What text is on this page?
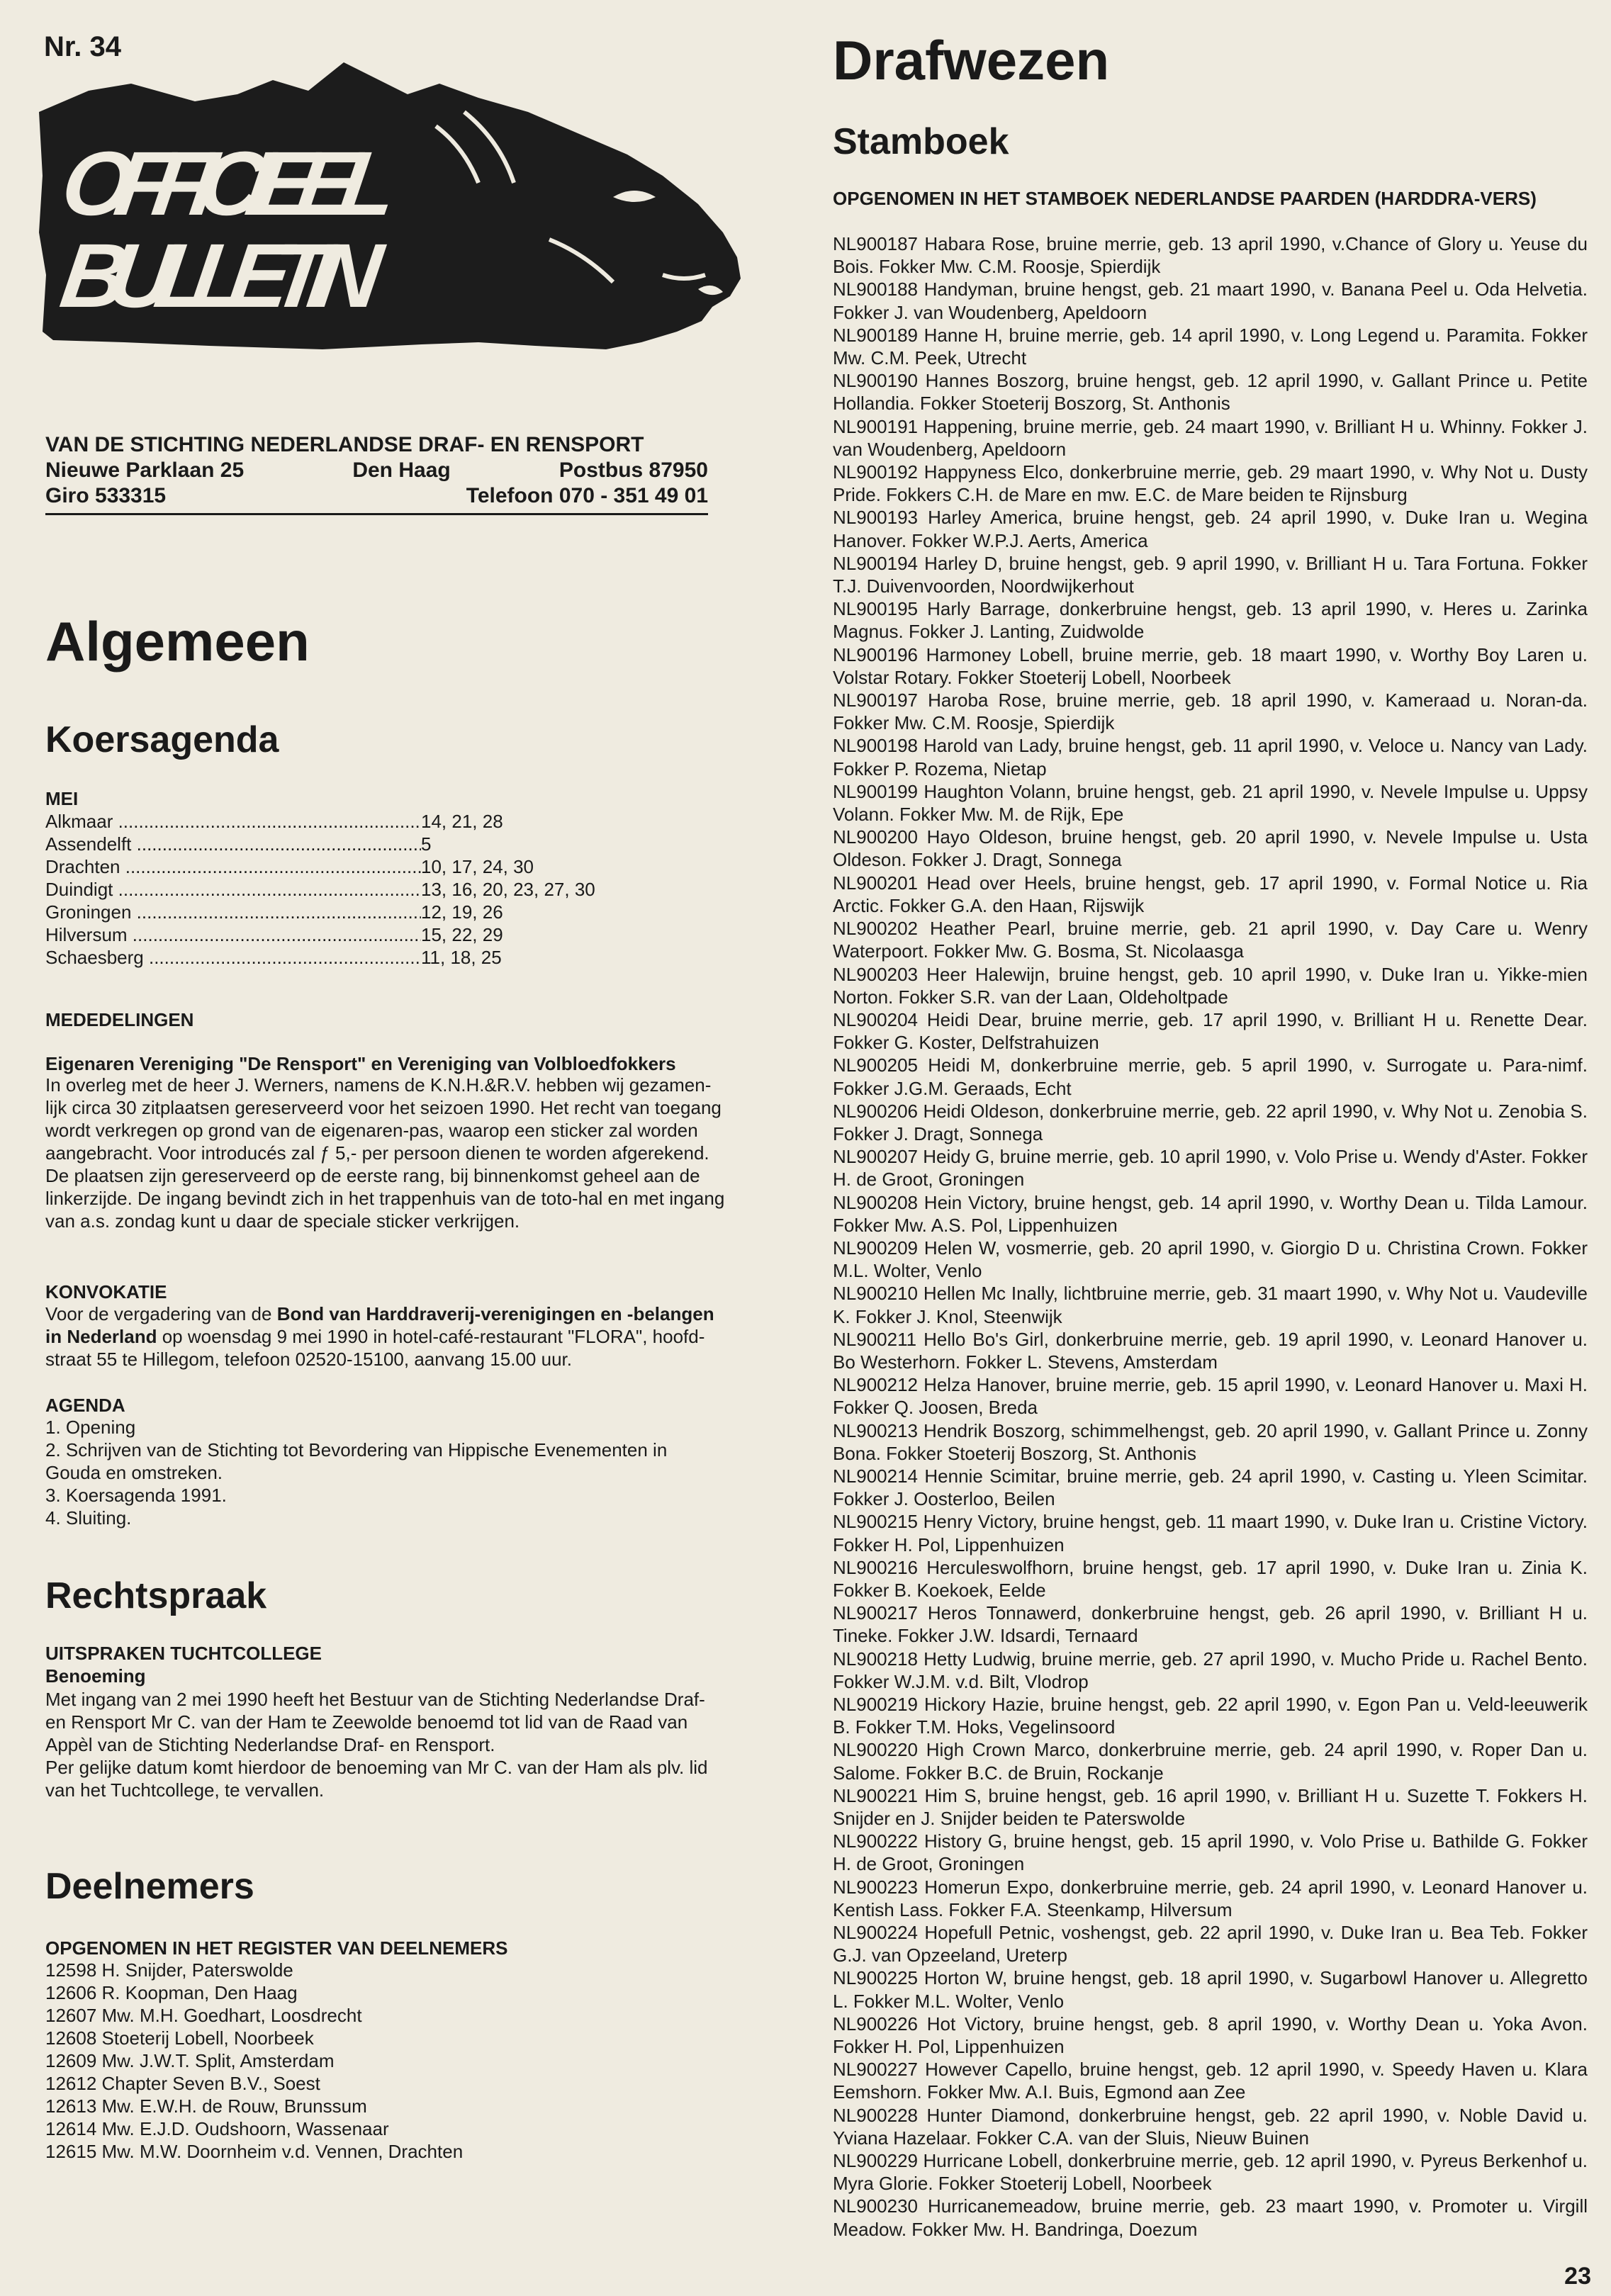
Nr. 34
OFFICIEEL
BULLETIN
VAN DE STICHTING NEDERLANDSE DRAF- EN RENSPORT
Nieuwe Parklaan 25	Den Haag	Postbus 87950
Giro 533315	Telefoon 070 - 351 49 01
Algemeen
Koersagenda
MEI
Alkmaar .....	14, 21, 28
Assendelft .....	5
Drachten .....	10, 17, 24, 30
Duindigt .....	13, 16, 20, 23, 27, 30
Groningen .....	12, 19, 26
Hilversum .....	15, 22, 29
Schaesberg .....	11, 18, 25
MEDEDELINGEN
Eigenaren Vereniging "De Rensport" en Vereniging van Volbloedfokkers

In overleg met de heer J. Werners, namens de K.N.H.&R.V. hebben wij gezamen-

lijk circa 30 zitplaatsen gereserveerd voor het seizoen 1990. Het recht van toegang

wordt verkregen op grond van de eigenaren-pas, waarop een sticker zal worden

aangebracht. Voor introducés zal ƒ 5,- per persoon dienen te worden afgerekend.

De plaatsen zijn gereserveerd op de eerste rang, bij binnenkomst geheel aan de

linkerzijde. De ingang bevindt zich in het trappenhuis van de toto-hal en met ingang

van a.s. zondag kunt u daar de speciale sticker verkrijgen.

KONVOKATIE

Voor de vergadering van de Bond van Harddraverij-verenigingen en -belangen

in Nederland op woensdag 9 mei 1990 in hotel-café-restaurant "FLORA", hoofd-

straat 55 te Hillegom, telefoon 02520-15100, aanvang 15.00 uur.

AGENDA

1. Opening

2. Schrijven van de Stichting tot Bevordering van Hippische Evenementen in

Gouda en omstreken.

3. Koersagenda 1991.

4. Sluiting.

Rechtspraak
UITSPRAKEN TUCHTCOLLEGE
Benoeming

Met ingang van 2 mei 1990 heeft het Bestuur van de Stichting Nederlandse Draf-

en Rensport Mr C. van der Ham te Zeewolde benoemd tot lid van de Raad van

Appèl van de Stichting Nederlandse Draf- en Rensport.

Per gelijke datum komt hierdoor de benoeming van Mr C. van der Ham als plv. lid

van het Tuchtcollege, te vervallen.

Deelnemers
OPGENOMEN IN HET REGISTER VAN DEELNEMERS

12598 H. Snijder, Paterswolde

12606 R. Koopman, Den Haag

12607 Mw. M.H. Goedhart, Loosdrecht

12608 Stoeterij Lobell, Noorbeek

12609 Mw. J.W.T. Split, Amsterdam

12612 Chapter Seven B.V., Soest

12613 Mw. E.W.H. de Rouw, Brunssum

12614 Mw. E.J.D. Oudshoorn, Wassenaar

12615 Mw. M.W. Doornheim v.d. Vennen, Drachten

Drafwezen
Stamboek
OPGENOMEN IN HET STAMBOEK NEDERLANDSE PAARDEN (HARDDRA-VERS)
NL900187 Habara Rose, bruine merrie, geb. 13 april 1990, v.Chance of Glory u. Yeuse du Bois. Fokker Mw. C.M. Roosje, Spierdijk
NL900188 Handyman, bruine hengst, geb. 21 maart 1990, v. Banana Peel u. Oda Helvetia. Fokker J. van Woudenberg, Apeldoorn
NL900189 Hanne H, bruine merrie, geb. 14 april 1990, v. Long Legend u. Paramita. Fokker Mw. C.M. Peek, Utrecht
NL900190 Hannes Boszorg, bruine hengst, geb. 12 april 1990, v. Gallant Prince u. Petite Hollandia. Fokker Stoeterij Boszorg, St. Anthonis
NL900191 Happening, bruine merrie, geb. 24 maart 1990, v. Brilliant H u. Whinny. Fokker J. van Woudenberg, Apeldoorn
NL900192 Happyness Elco, donkerbruine merrie, geb. 29 maart 1990, v. Why Not u. Dusty Pride. Fokkers C.H. de Mare en mw. E.C. de Mare beiden te Rijnsburg
NL900193 Harley America, bruine hengst, geb. 24 april 1990, v. Duke Iran u. Wegina Hanover. Fokker W.P.J. Aerts, America
NL900194 Harley D, bruine hengst, geb. 9 april 1990, v. Brilliant H u. Tara Fortuna. Fokker T.J. Duivenvoorden, Noordwijkerhout
NL900195 Harly Barrage, donkerbruine hengst, geb. 13 april 1990, v. Heres u. Zarinka Magnus. Fokker J. Lanting, Zuidwolde
NL900196 Harmoney Lobell, bruine merrie, geb. 18 maart 1990, v. Worthy Boy Laren u. Volstar Rotary. Fokker Stoeterij Lobell, Noorbeek
NL900197 Haroba Rose, bruine merrie, geb. 18 april 1990, v. Kameraad u. Noran-da. Fokker Mw. C.M. Roosje, Spierdijk
NL900198 Harold van Lady, bruine hengst, geb. 11 april 1990, v. Veloce u. Nancy van Lady. Fokker P. Rozema, Nietap
NL900199 Haughton Volann, bruine hengst, geb. 21 april 1990, v. Nevele Impulse u. Uppsy Volann. Fokker Mw. M. de Rijk, Epe
NL900200 Hayo Oldeson, bruine hengst, geb. 20 april 1990, v. Nevele Impulse u. Usta Oldeson. Fokker J. Dragt, Sonnega
NL900201 Head over Heels, bruine hengst, geb. 17 april 1990, v. Formal Notice u. Ria Arctic. Fokker G.A. den Haan, Rijswijk
NL900202 Heather Pearl, bruine merrie, geb. 21 april 1990, v. Day Care u. Wenry Waterpoort. Fokker Mw. G. Bosma, St. Nicolaasga
NL900203 Heer Halewijn, bruine hengst, geb. 10 april 1990, v. Duke Iran u. Yikke-mien Norton. Fokker S.R. van der Laan, Oldeholtpade
NL900204 Heidi Dear, bruine merrie, geb. 17 april 1990, v. Brilliant H u. Renette Dear. Fokker G. Koster, Delfstrahuizen
NL900205 Heidi M, donkerbruine merrie, geb. 5 april 1990, v. Surrogate u. Para-nimf. Fokker J.G.M. Geraads, Echt
NL900206 Heidi Oldeson, donkerbruine merrie, geb. 22 april 1990, v. Why Not u. Zenobia S. Fokker J. Dragt, Sonnega
NL900207 Heidy G, bruine merrie, geb. 10 april 1990, v. Volo Prise u. Wendy d'Aster. Fokker H. de Groot, Groningen
NL900208 Hein Victory, bruine hengst, geb. 14 april 1990, v. Worthy Dean u. Tilda Lamour. Fokker Mw. A.S. Pol, Lippenhuizen
NL900209 Helen W, vosmerrie, geb. 20 april 1990, v. Giorgio D u. Christina Crown. Fokker M.L. Wolter, Venlo
NL900210 Hellen Mc Inally, lichtbruine merrie, geb. 31 maart 1990, v. Why Not u. Vaudeville K. Fokker J. Knol, Steenwijk
NL900211 Hello Bo's Girl, donkerbruine merrie, geb. 19 april 1990, v. Leonard Hanover u. Bo Westerhorn. Fokker L. Stevens, Amsterdam
NL900212 Helza Hanover, bruine merrie, geb. 15 april 1990, v. Leonard Hanover u. Maxi H. Fokker Q. Joosen, Breda
NL900213 Hendrik Boszorg, schimmelhengst, geb. 20 april 1990, v. Gallant Prince u. Zonny Bona. Fokker Stoeterij Boszorg, St. Anthonis
NL900214 Hennie Scimitar, bruine merrie, geb. 24 april 1990, v. Casting u. Yleen Scimitar. Fokker J. Oosterloo, Beilen
NL900215 Henry Victory, bruine hengst, geb. 11 maart 1990, v. Duke Iran u. Cristine Victory. Fokker H. Pol, Lippenhuizen
NL900216 Herculeswolfhorn, bruine hengst, geb. 17 april 1990, v. Duke Iran u. Zinia K. Fokker B. Koekoek, Eelde
NL900217 Heros Tonnawerd, donkerbruine hengst, geb. 26 april 1990, v. Brilliant H u. Tineke. Fokker J.W. Idsardi, Ternaard
NL900218 Hetty Ludwig, bruine merrie, geb. 27 april 1990, v. Mucho Pride u. Rachel Bento. Fokker W.J.M. v.d. Bilt, Vlodrop
NL900219 Hickory Hazie, bruine hengst, geb. 22 april 1990, v. Egon Pan u. Veld-leeuwerik B. Fokker T.M. Hoks, Vegelinsoord
NL900220 High Crown Marco, donkerbruine merrie, geb. 24 april 1990, v. Roper Dan u. Salome. Fokker B.C. de Bruin, Rockanje
NL900221 Him S, bruine hengst, geb. 16 april 1990, v. Brilliant H u. Suzette T. Fokkers H. Snijder en J. Snijder beiden te Paterswolde
NL900222 History G, bruine hengst, geb. 15 april 1990, v. Volo Prise u. Bathilde G. Fokker H. de Groot, Groningen
NL900223 Homerun Expo, donkerbruine merrie, geb. 24 april 1990, v. Leonard Hanover u. Kentish Lass. Fokker F.A. Steenkamp, Hilversum
NL900224 Hopefull Petnic, voshengst, geb. 22 april 1990, v. Duke Iran u. Bea Teb. Fokker G.J. van Opzeeland, Ureterp
NL900225 Horton W, bruine hengst, geb. 18 april 1990, v. Sugarbowl Hanover u. Allegretto L. Fokker M.L. Wolter, Venlo
NL900226 Hot Victory, bruine hengst, geb. 8 april 1990, v. Worthy Dean u. Yoka Avon. Fokker H. Pol, Lippenhuizen
NL900227 However Capello, bruine hengst, geb. 12 april 1990, v. Speedy Haven u. Klara Eemshorn. Fokker Mw. A.I. Buis, Egmond aan Zee
NL900228 Hunter Diamond, donkerbruine hengst, geb. 22 april 1990, v. Noble David u. Yviana Hazelaar. Fokker C.A. van der Sluis, Nieuw Buinen
NL900229 Hurricane Lobell, donkerbruine merrie, geb. 12 april 1990, v. Pyreus Berkenhof u. Myra Glorie. Fokker Stoeterij Lobell, Noorbeek
NL900230 Hurricanemeadow, bruine merrie, geb. 23 maart 1990, v. Promoter u. Virgill Meadow. Fokker Mw. H. Bandringa, Doezum
23
